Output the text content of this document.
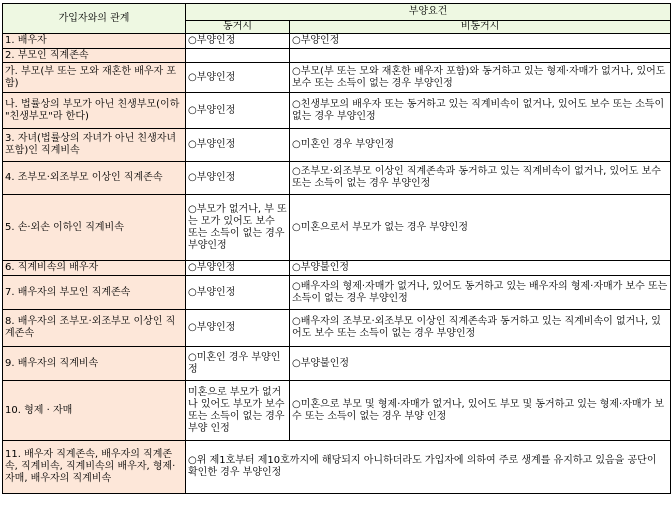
가입자와의 관계	부양요건	
	동거시	비동거시
1. 배우자	○부양인정	○부양인정
2. 부모인 직계존속		
가. 부모(부 또는 모와 재혼한 배우자 포함)	○부양인정	○부모(부 또는 모와 재혼한 배우자 포함)와 동거하고 있는 형제·자매가 없거나, 있어도 보수 또는 소득이 없는 경우 부양인정
나. 법률상의 부모가 아닌 친생부모(이하 "친생부모"라 한다)	○부양인정	○친생부모의 배우자 또는 동거하고 있는 직계비속이 없거나, 있어도 보수 또는 소득이 없는 경우 부양인정
3. 자녀(법률상의 자녀가 아닌 친생자녀 포함)인 직계비속	○부양인정	○미혼인 경우 부양인정
4. 조부모·외조부모 이상인 직계존속	○부양인정	○조부모·외조부모 이상인 직계존속과 동거하고 있는 직계비속이 없거나, 있어도 보수 또는 소득이 없는 경우 부양인정
5. 손·외손 이하인 직계비속	○부모가 없거나, 부 또는 모가 있어도 보수 또는 소득이 없는 경우 부양인정	○미혼으로서 부모가 없는 경우 부양인정
6. 직계비속의 배우자	○부양인정	○부양불인정
7. 배우자의 부모인 직계존속	○부양인정	○배우자의 형제·자매가 없거나, 있어도 동거하고 있는 배우자의 형제·자매가 보수 또는 소득이 없는 경우 부양인정
8. 배우자의 조부모·외조부모 이상인 직계존속	○부양인정	○배우자의 조부모·외조부모 이상인 직계존속과 동거하고 있는 직계비속이 없거나, 있어도 보수 또는 소득이 없는 경우 부양인정
9. 배우자의 직계비속	○미혼인 경우 부양인정	○부양불인정
10. 형제 · 자매	미혼으로 부모가 없거나 있어도 부모가 보수 또는 소득이 없는 경우 부양 인정	○미혼으로 부모 및 형제·자매가 없거나, 있어도 부모 및 동거하고 있는 형제·자매가 보수 또는 소득이 없는 경우 부양 인정
11. 배우자 직계존속, 배우자의 직계존속, 직계비속, 직계비속의 배우자, 형제·자매, 배우자의 직계비속	○위 제1호부터 제10호까지에 해당되지 아니하더라도 가입자에 의하여 주로 생계를 유지하고 있음을 공단이 확인한 경우 부양인정	
